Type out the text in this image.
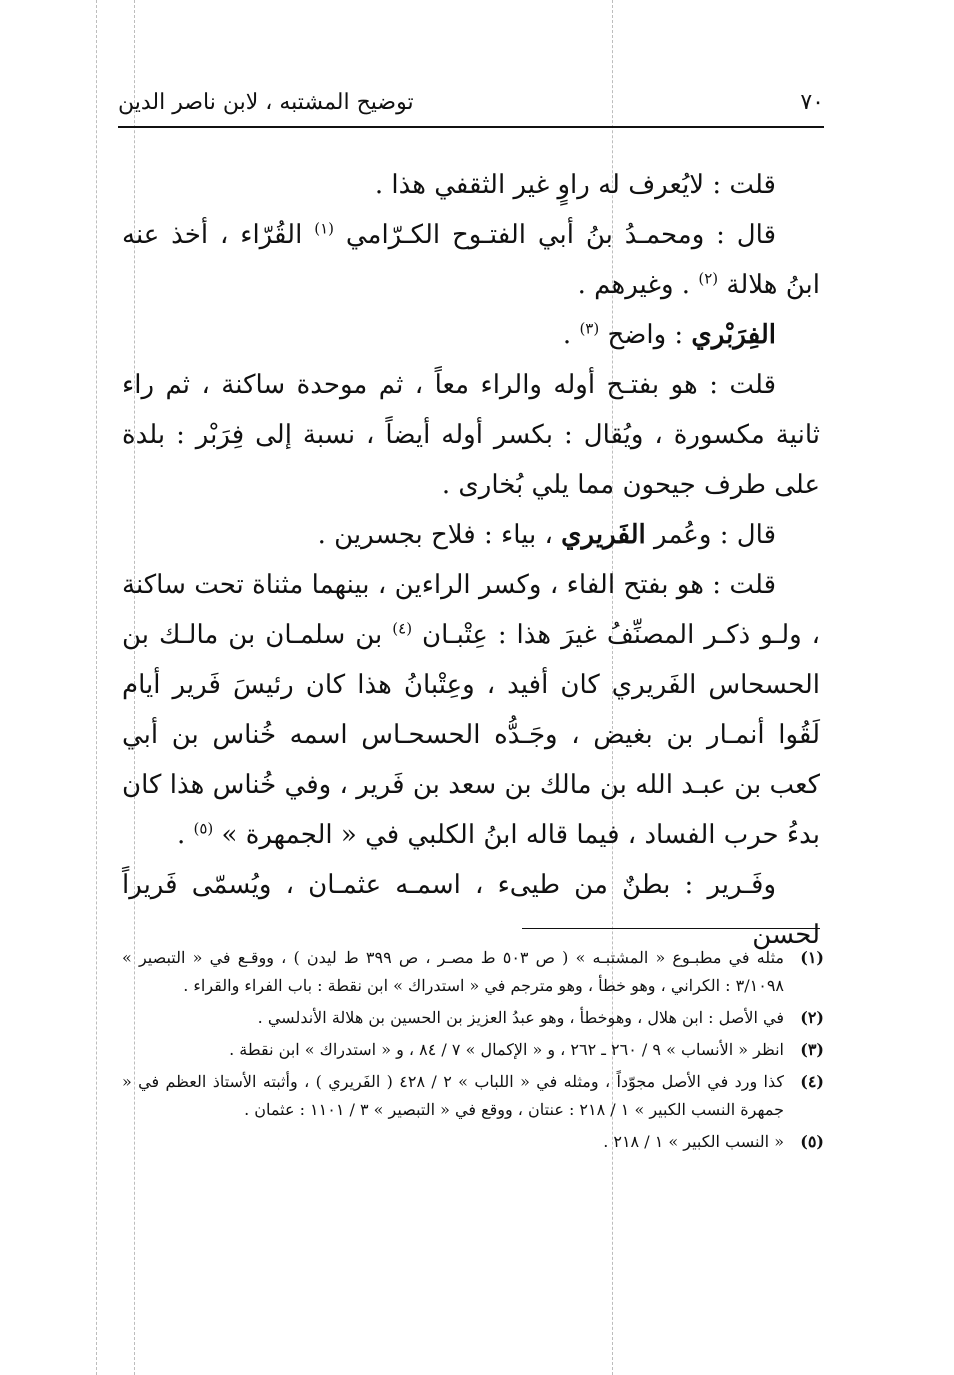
٧٠
توضيح المشتبه ، لابن ناصر الدين

قلت : لايُعرف له راوٍ غير الثقفي هذا .

قال : ومحمـدُ بنُ أبي الفتـوح الكـرّامي $^{(١)}$ القُرّاء ، أخذ عنه ابنُ هلالة $^{(٢)}$ . وغيرهم .

الفِرَبْري : واضح $^{(٣)}$ .

قلت : هو بفتـح أوله والراء معاً ، ثم موحدة ساكنة ، ثم راء ثانية مكسورة ، ويُقال : بكسر أوله أيضاً ، نسبة إلى فِرَبْر : بلدة على طرف جيحون مما يلي بُخارى .

قال : وعُمر الفَريري ، بياء : فلاح بجسرين .

قلت : هو بفتح الفاء ، وكسر الراءين ، بينهما مثناة تحت ساكنة ، ولـو ذكـر المصنِّفُ غيرَ هذا : عِتْبـان $^{(٤)}$ بن سلمـان بن مالـك بن الحسحاس الفَريري كان أفيد ، وعِتْبانُ هذا كان رئيسَ فَرير أيام لَقُوا أنمـار بن بغيض ، وجَـدُّه الحسحـاس اسمه خُناس بن أبي كعب بن عبـد الله بن مالك بن سعد بن فَرير ، وفي خُناس هذا كان بدءُ حرب الفساد ، فيما قاله ابنُ الكلبي في « الجمهرة » $^{(٥)}$ .

وفَـرير : بطنٌ من طيىء ، اسمـه عثمـان ، ويُسمّى فَريراً لحسن

(١)
مثله في مطبـوع « المشتبـه » ( ص ٥٠٣ ط مصـر ، ص ٣٩٩ ط ليدن ) ، ووقـع في « التبصير » ٣/١٠٩٨ : الكراني ، وهو خطأ ، وهو مترجم في « استدراك » ابن نقطة : باب الفراء والقراء .
(٢)
في الأصل : ابن هلال ، وهوخطأ ، وهو عبدُ العزيز بن الحسين بن هلالة الأندلسي .
(٣)
انظر « الأنساب » ٩ / ٢٦٠ ـ ٢٦٢ ، و « الإكمال » ٧ / ٨٤ ، و « استدراك » ابن نقطة .
(٤)
كذا ورد في الأصل مجوّداً ، ومثله في « اللباب » ٢ / ٤٢٨ ( الفَريري ) ، وأثبته الأستاذ العظم في « جمهرة النسب الكبير » ١ / ٢١٨ : عنتان ، ووقع في « التبصير » ٣ / ١١٠١ : عثمان .
(٥)
« النسب الكبير » ١ / ٢١٨ .
